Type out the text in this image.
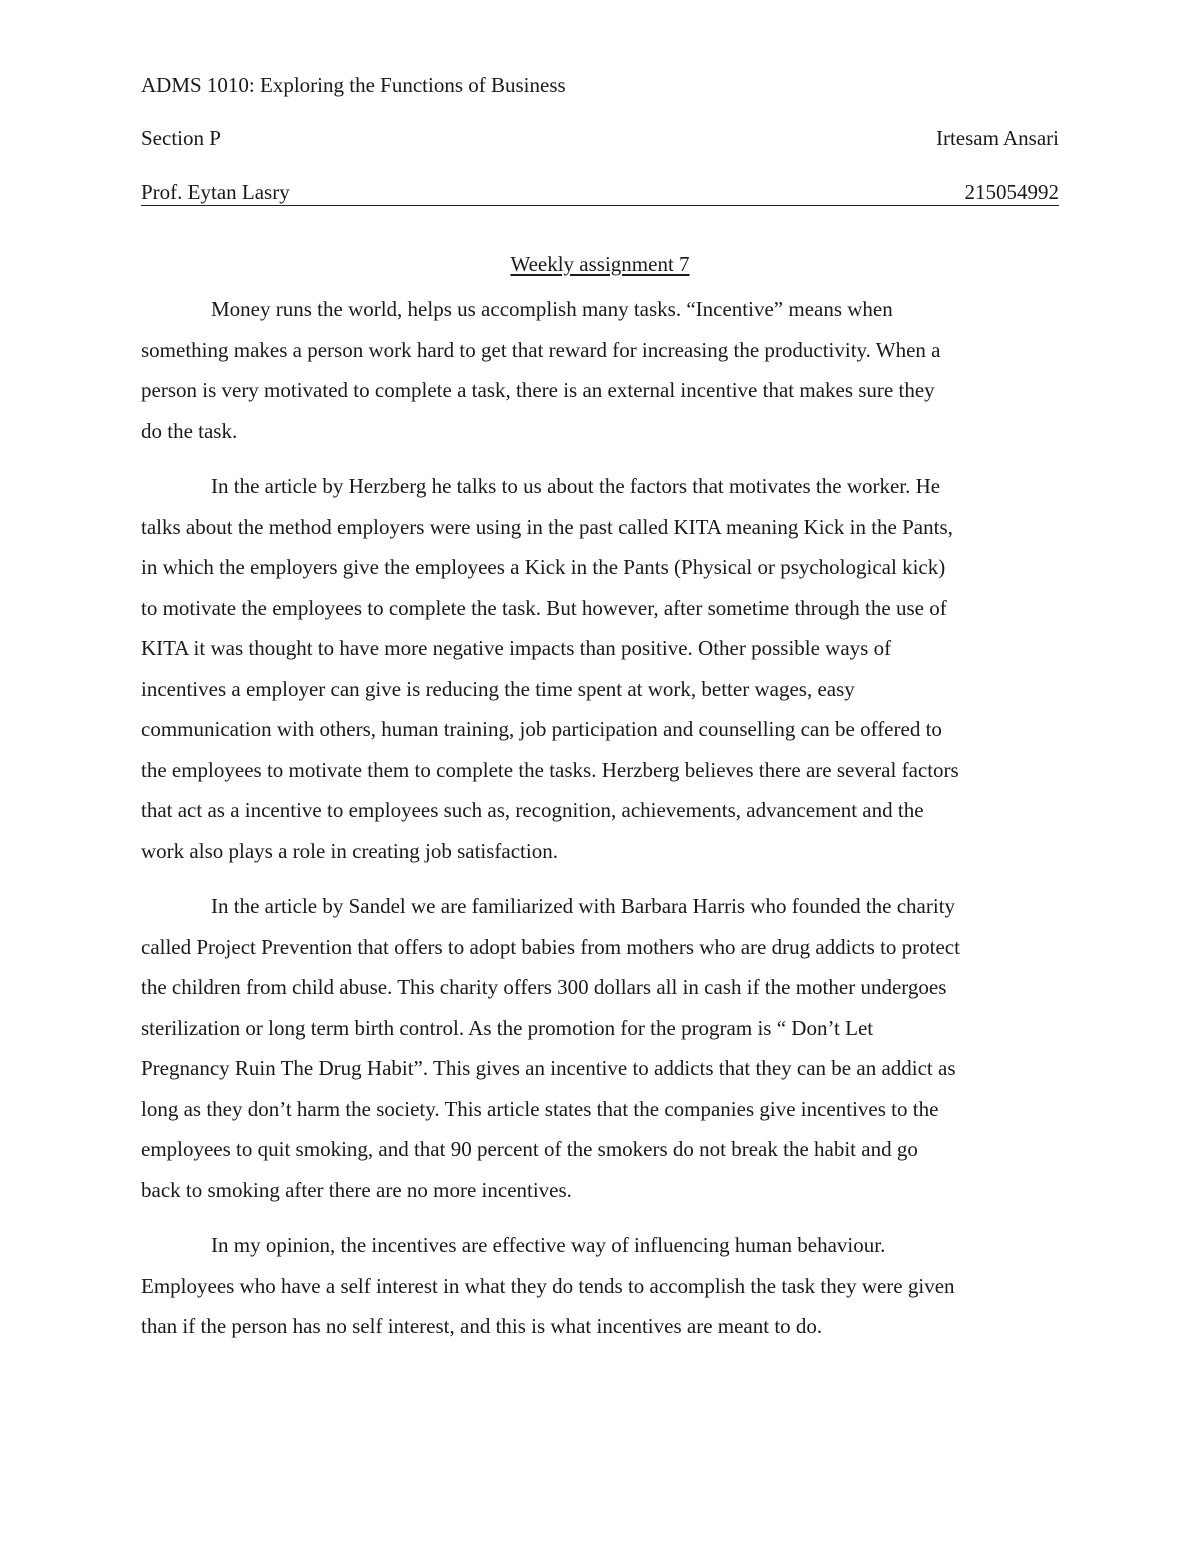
ADMS 1010: Exploring the Functions of Business
Section P	Irtesam Ansari
Prof. Eytan Lasry	215054992
Weekly assignment 7
Money runs the world, helps us accomplish many tasks. “Incentive” means when
something makes a person work hard to get that reward for increasing the productivity. When a
person is very motivated to complete a task, there is an external incentive that makes sure they
do the task.
In the article by Herzberg he talks to us about the factors that motivates the worker. He
talks about the method employers were using in the past called KITA meaning Kick in the Pants,
in which the employers give the employees a Kick in the Pants (Physical or psychological kick)
to motivate the employees to complete the task. But however, after sometime through the use of
KITA it was thought to have more negative impacts than positive. Other possible ways of
incentives a employer can give is reducing the time spent at work, better wages, easy
communication with others, human training, job participation and counselling can be offered to
the employees to motivate them to complete the tasks. Herzberg believes there are several factors
that act as a incentive to employees such as, recognition, achievements, advancement and the
work also plays a role in creating job satisfaction.
In the article by Sandel we are familiarized with Barbara Harris who founded the charity
called Project Prevention that offers to adopt babies from mothers who are drug addicts to protect
the children from child abuse. This charity offers 300 dollars all in cash if the mother undergoes
sterilization or long term birth control. As the promotion for the program is “ Don’t Let
Pregnancy Ruin The Drug Habit”. This gives an incentive to addicts that they can be an addict as
long as they don’t harm the society. This article states that the companies give incentives to the
employees to quit smoking, and that 90 percent of the smokers do not break the habit and go
back to smoking after there are no more incentives.
In my opinion, the incentives are effective way of influencing human behaviour.
Employees who have a self interest in what they do tends to accomplish the task they were given
than if the person has no self interest, and this is what incentives are meant to do.
